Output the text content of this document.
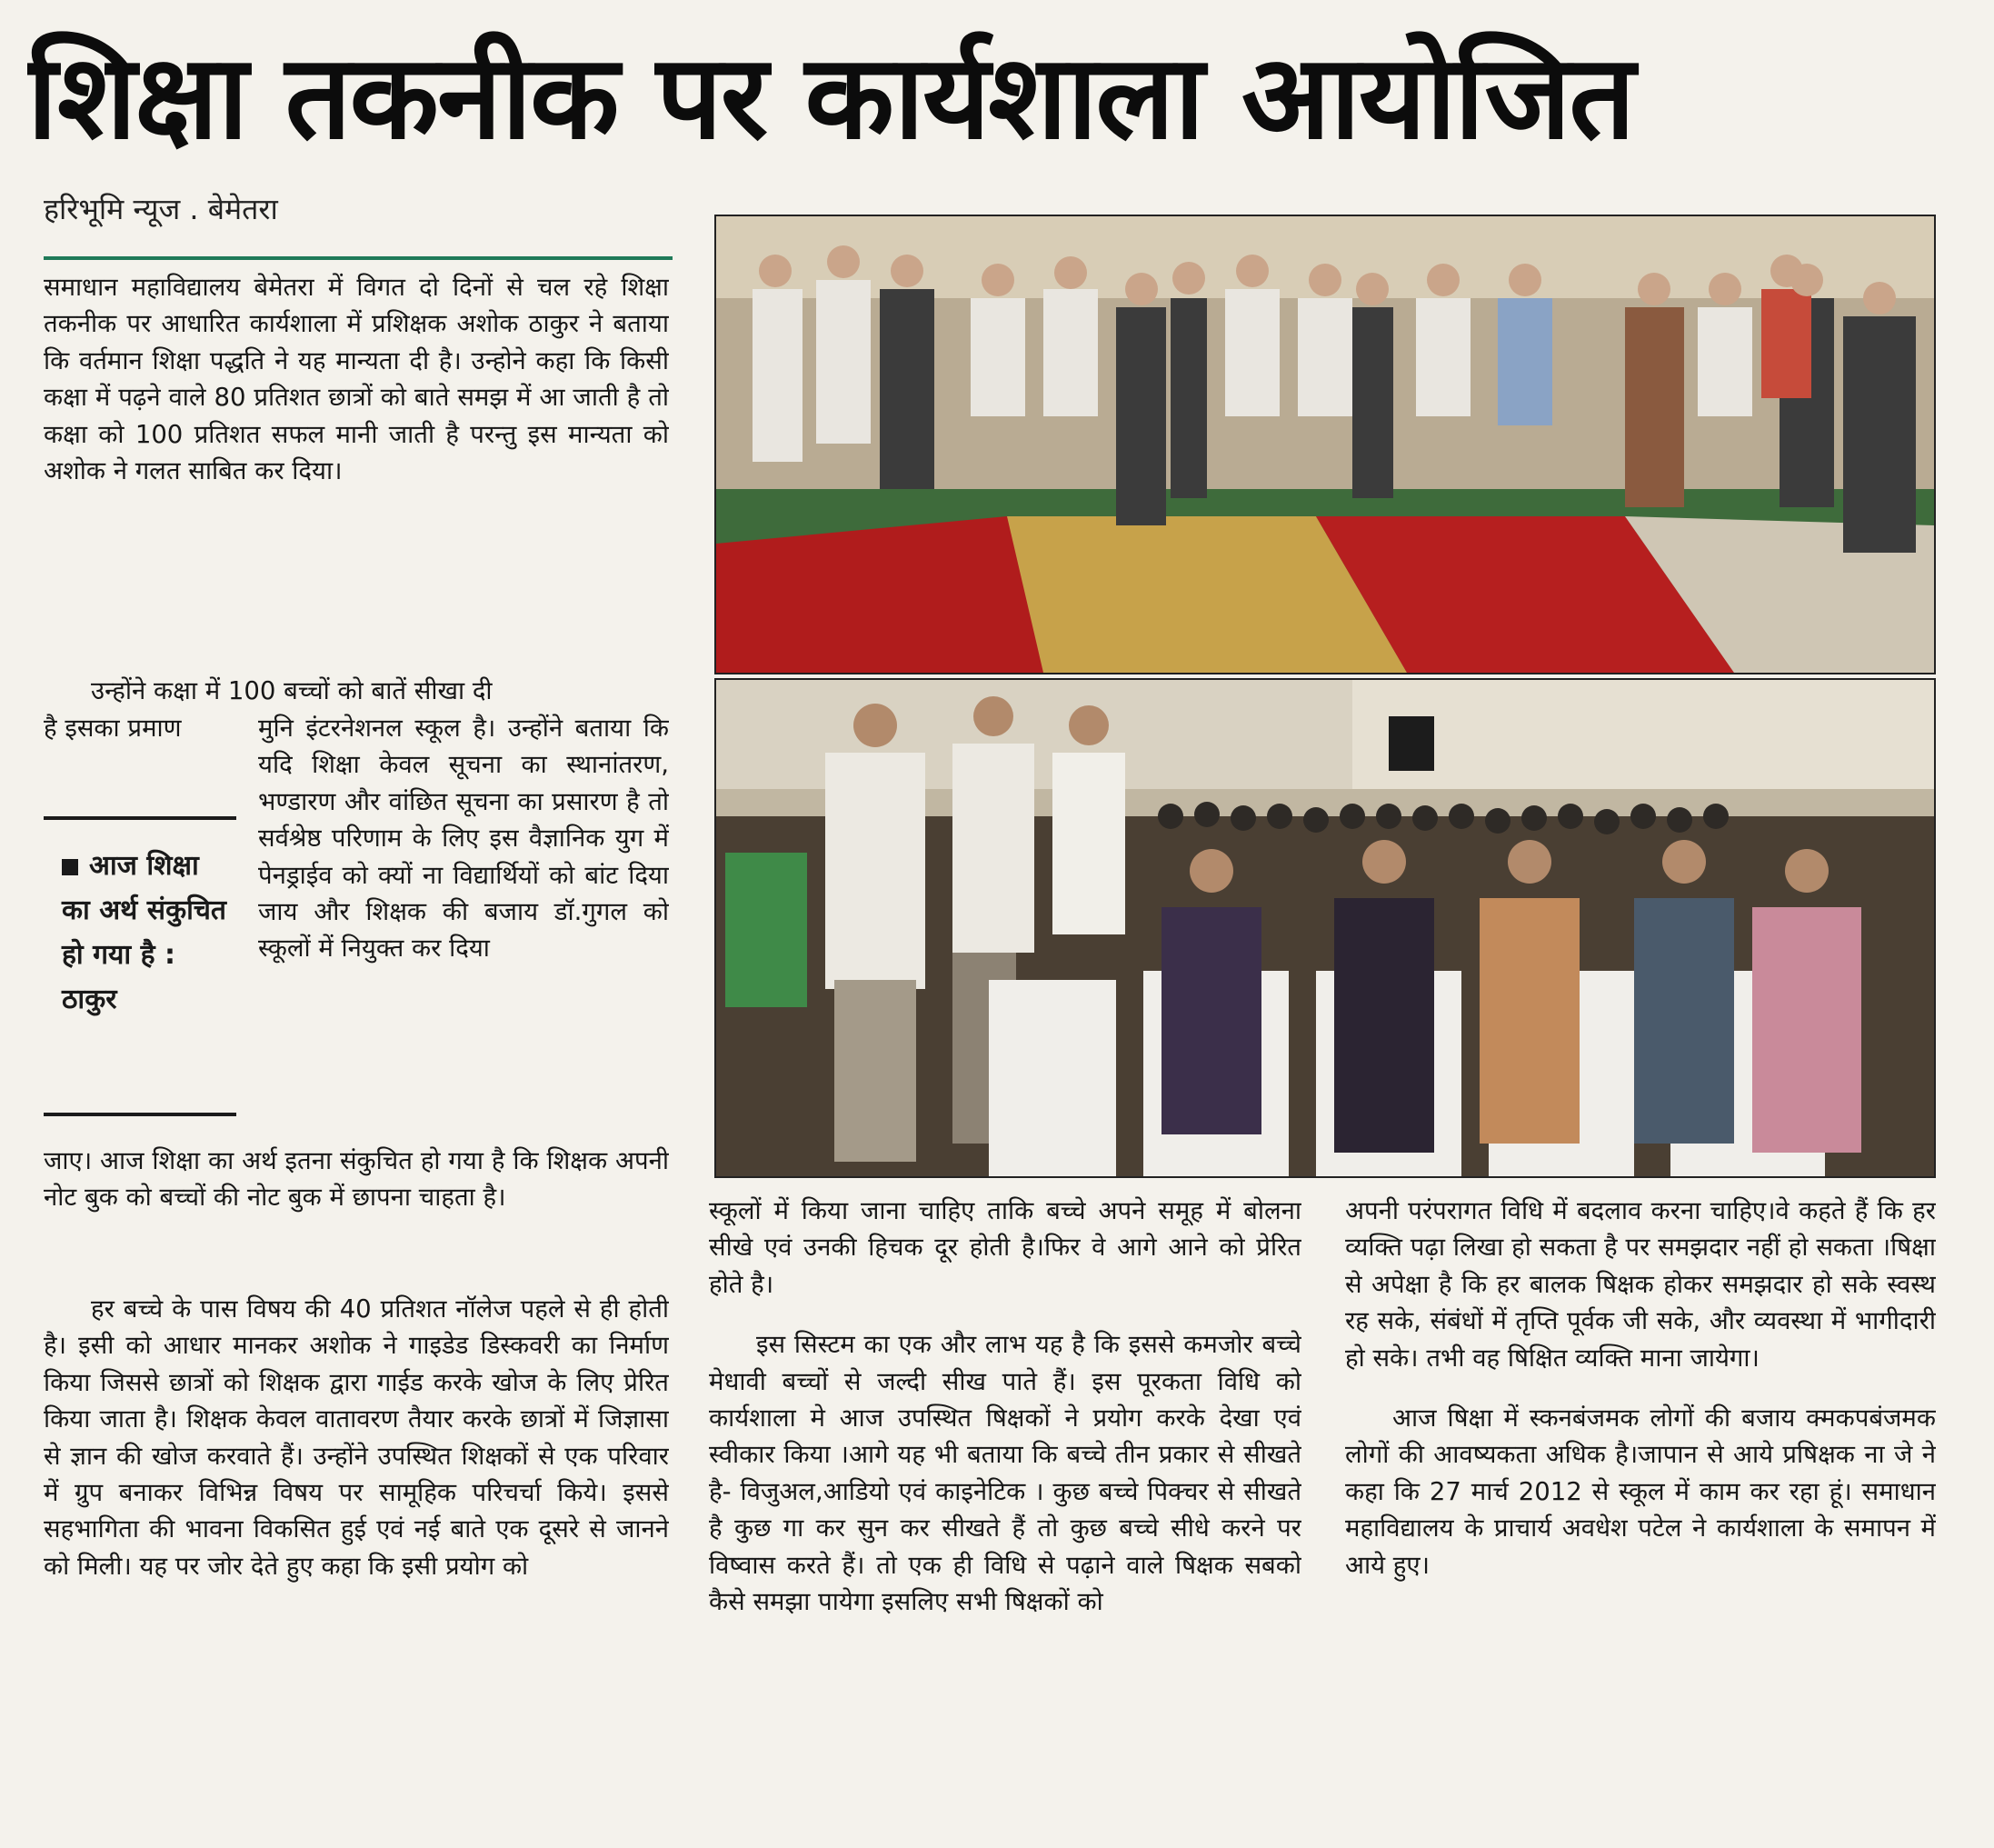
शिक्षा तकनीक पर कार्यशाला आयोजित
हरिभूमि न्यूज . बेमेतरा

समाधान महाविद्यालय बेमेतरा में विगत दो दिनों से चल रहे शिक्षा तकनीक पर आधारित कार्यशाला में प्रशिक्षक अशोक ठाकुर ने बताया कि वर्तमान शिक्षा पद्धति ने यह मान्यता दी है। उन्होने कहा कि किसी कक्षा में पढ़ने वाले 80 प्रतिशत छात्रों को बाते समझ में आ जाती है तो कक्षा को 100 प्रतिशत सफल मानी जाती है परन्तु इस मान्यता को अशोक ने गलत साबित कर दिया।

उन्होंने कक्षा में 100 बच्चों को बातें सीखा दी
है इसका प्रमाण	मुनि इंटरनेशनल स्कूल है। उन्होंने बताया कि यदि शिक्षा केवल सूचना का स्थानांतरण, भण्डारण और वांछित सूचना का प्रसारण है तो सर्वश्रेष्ठ परिणाम के लिए इस वैज्ञानिक युग में पेनड्राईव को क्यों ना विद्यार्थियों को बांट दिया जाय और शिक्षक की बजाय डॉ.गुगल को स्कूलों में नियुक्त कर दिया

आज शिक्षा का अर्थ संकुचित हो गया है : ठाकुर

जाए। आज शिक्षा का अर्थ इतना संकुचित हो गया है कि शिक्षक अपनी नोट बुक को बच्चों की नोट बुक में छापना चाहता है।

हर बच्चे के पास विषय की 40 प्रतिशत नॉलेज पहले से ही होती है। इसी को आधार मानकर अशोक ने गाइडेड डिस्कवरी का निर्माण किया जिससे छात्रों को शिक्षक द्वारा गाईड करके खोज के लिए प्रेरित किया जाता है। शिक्षक केवल वातावरण तैयार करके छात्रों में जिज्ञासा से ज्ञान की खोज करवाते हैं। उन्होंने उपस्थित शिक्षकों से एक परिवार में ग्रुप बनाकर विभिन्न विषय पर सामूहिक परिचर्चा किये। इससे सहभागिता की भावना विकसित हुई एवं नई बाते एक दूसरे से जानने को मिली। यह पर जोर देते हुए कहा कि इसी प्रयोग को

स्कूलों में किया जाना चाहिए ताकि बच्चे अपने समूह में बोलना सीखे एवं उनकी हिचक दूर होती है।फिर वे आगे आने को प्रेरित होते है।

इस सिस्टम का एक और लाभ यह है कि इससे कमजोर बच्चे मेधावी बच्चों से जल्दी सीख पाते हैं। इस पूरकता विधि को कार्यशाला मे आज उपस्थित षिक्षकों ने प्रयोग करके देखा एवं स्वीकार किया ।आगे यह भी बताया कि बच्चे तीन प्रकार से सीखते है- विजुअल,आडियो एवं काइनेटिक । कुछ बच्चे पिक्चर से सीखते है कुछ गा कर सुन कर सीखते हैं तो कुछ बच्चे सीधे करने पर विष्वास करते हैं। तो एक ही विधि से पढ़ाने वाले षिक्षक सबको कैसे समझा पायेगा इसलिए सभी षिक्षकों को

अपनी परंपरागत विधि में बदलाव करना चाहिए।वे कहते हैं कि हर व्यक्ति पढ़ा लिखा हो सकता है पर समझदार नहीं हो सकता ।षिक्षा से अपेक्षा है कि हर बालक षिक्षक होकर समझदार हो सके स्वस्थ रह सके, संबंधों में तृप्ति पूर्वक जी सके, और व्यवस्था में भागीदारी हो सके। तभी वह षिक्षित व्यक्ति माना जायेगा।

आज षिक्षा में स्कनबंजमक लोगों की बजाय क्मकपबंजमक लोगों की आवष्यकता अधिक है।जापान से आये प्रषिक्षक ना जे ने कहा कि 27 मार्च 2012 से स्कूल में काम कर रहा हूं। समाधान महाविद्यालय के प्राचार्य अवधेश पटेल ने कार्यशाला के समापन में आये हुए।
